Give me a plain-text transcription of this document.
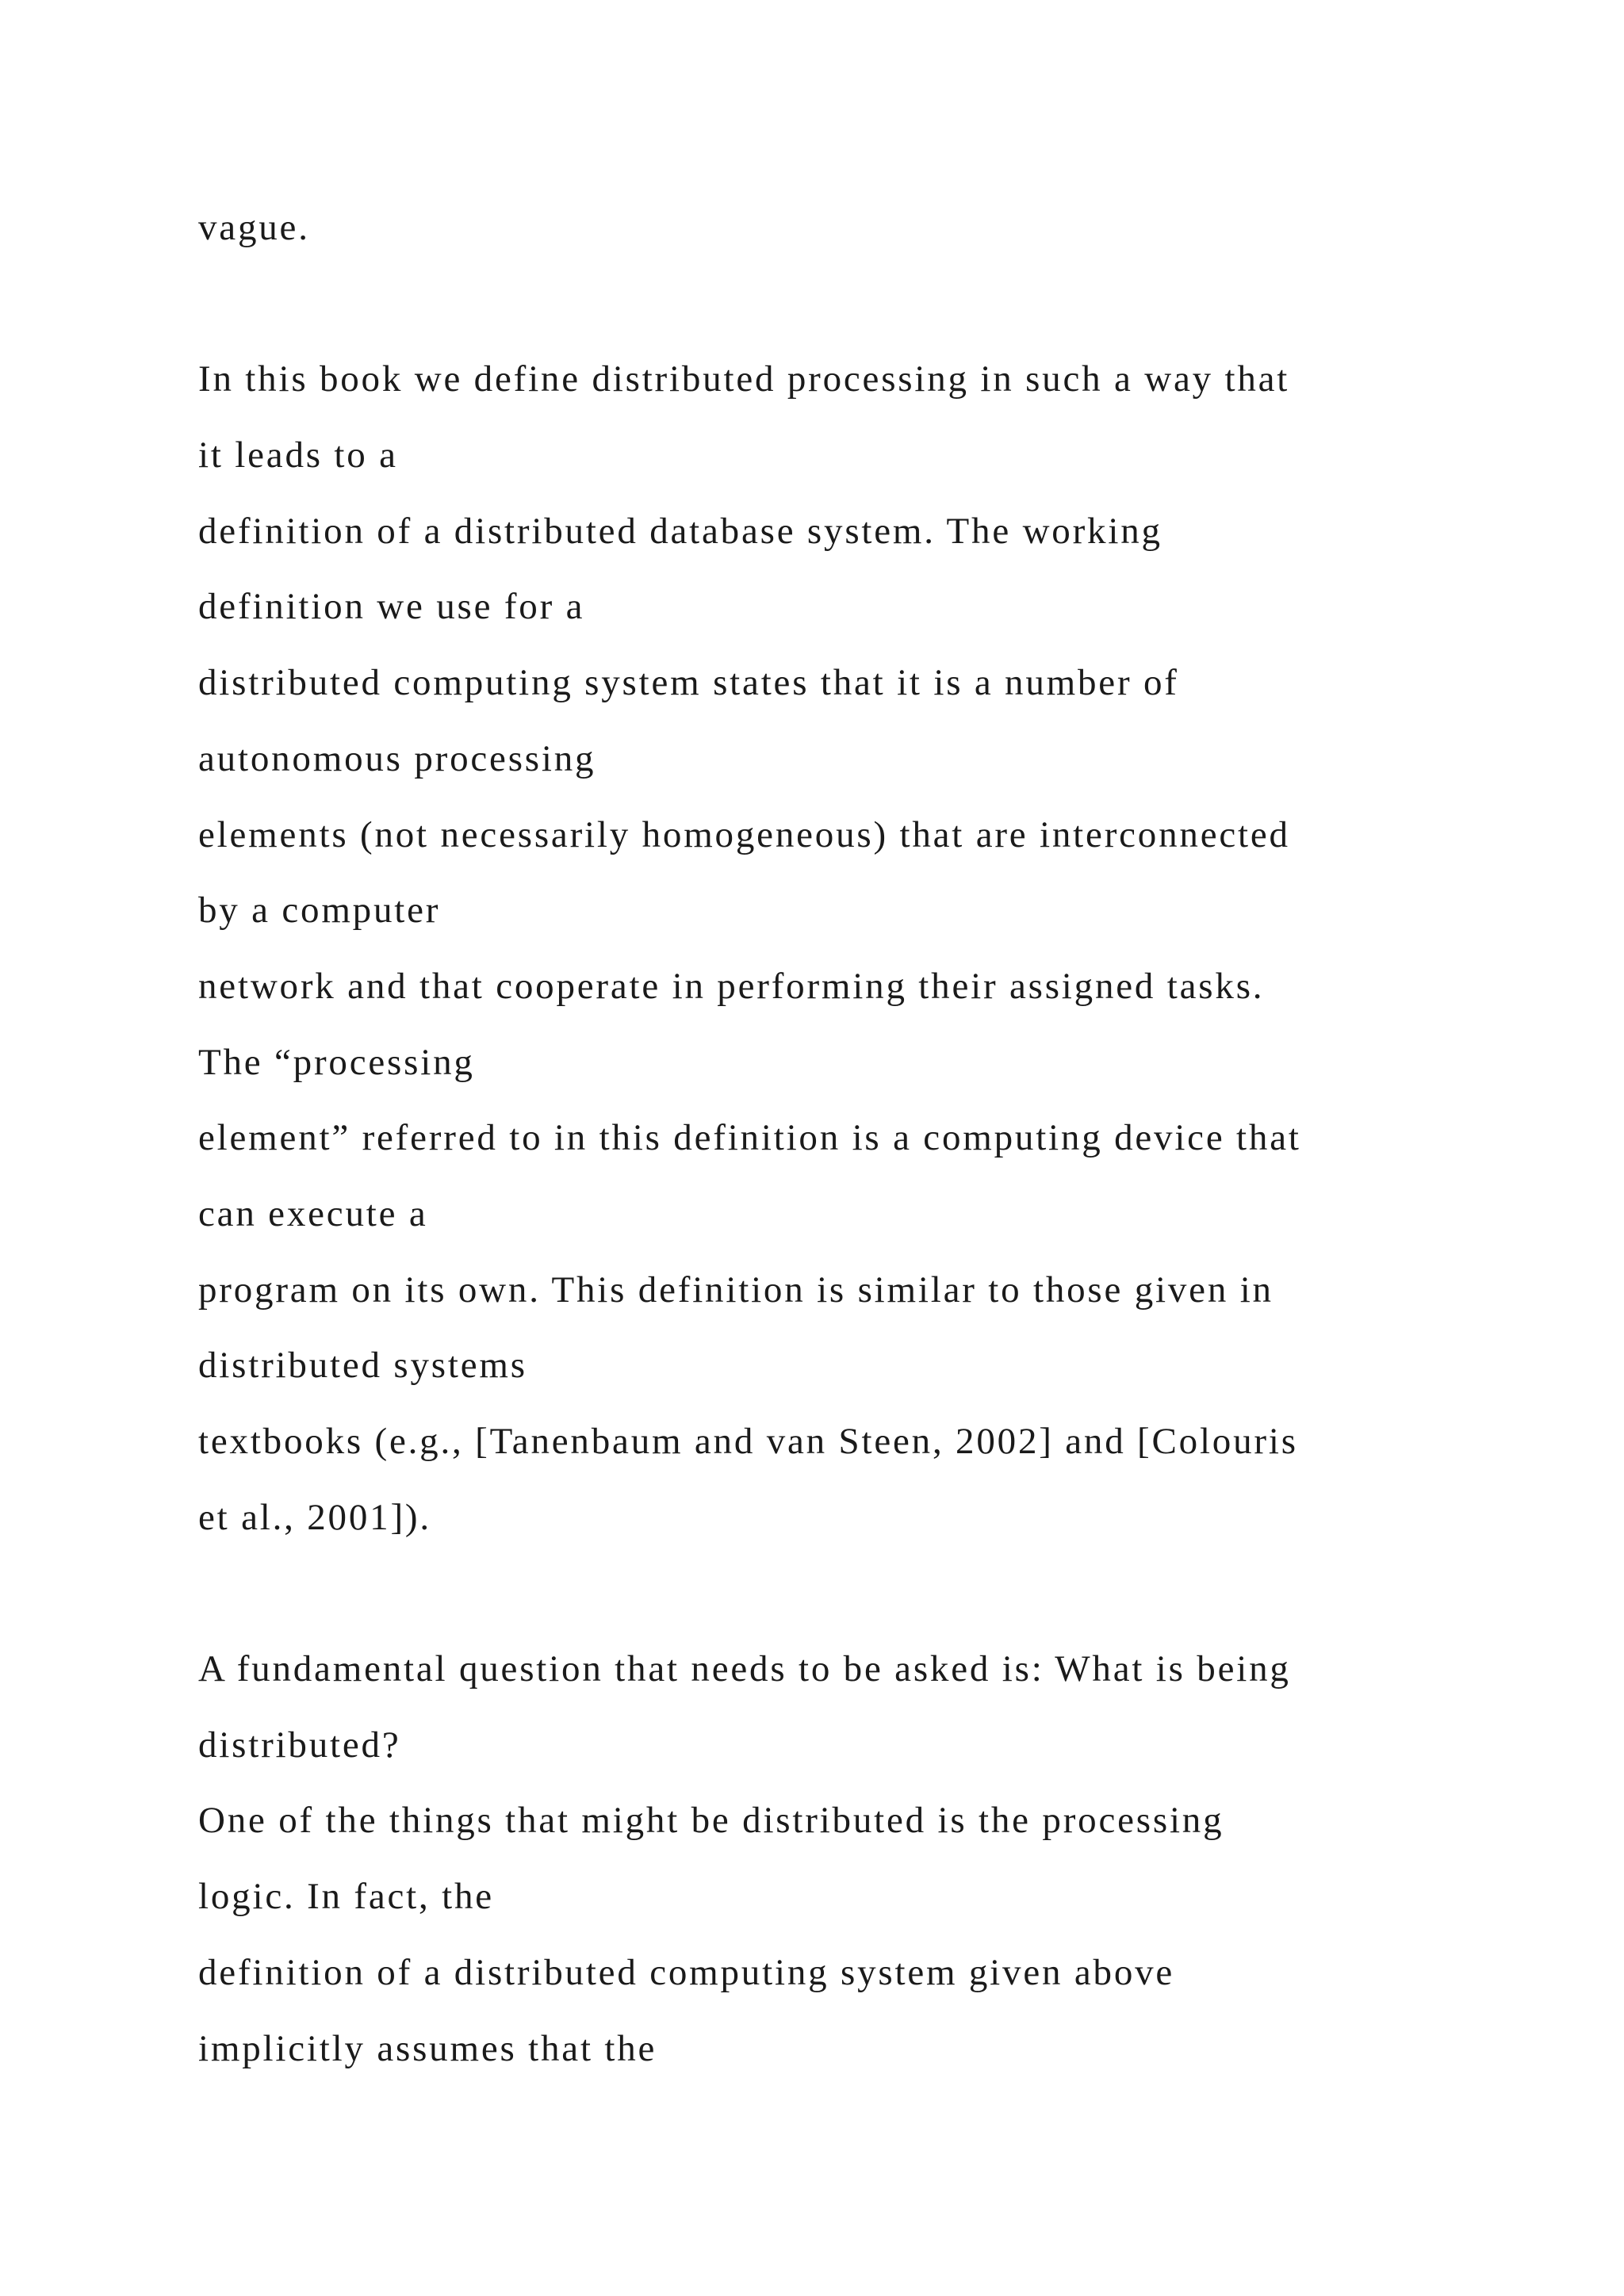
vague.
In this book we define distributed processing in such a way that
it leads to a
definition of a distributed database system. The working
definition we use for a
distributed computing system states that it is a number of
autonomous processing
elements (not necessarily homogeneous) that are interconnected
by a computer
network and that cooperate in performing their assigned tasks.
The “processing
element” referred to in this definition is a computing device that
can execute a
program on its own. This definition is similar to those given in
distributed systems
textbooks (e.g., [Tanenbaum and van Steen, 2002] and [Colouris
et al., 2001]).
A fundamental question that needs to be asked is: What is being
distributed?
One of the things that might be distributed is the processing
logic. In fact, the
definition of a distributed computing system given above
implicitly assumes that the
